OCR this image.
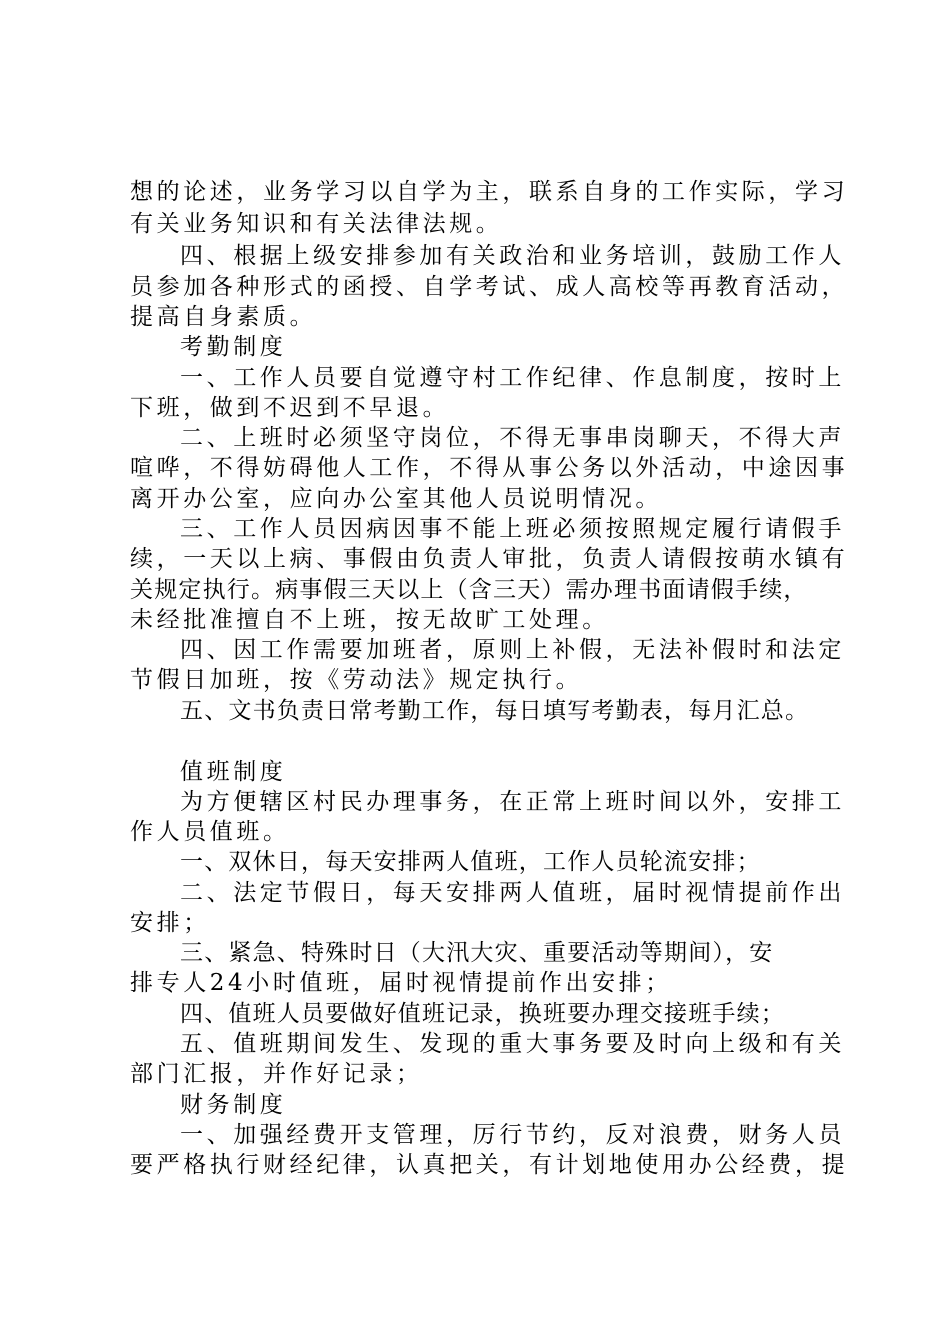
想的论述，业务学习以自学为主，联系自身的工作实际，学习
有关业务知识和有关法律法规。
四、根据上级安排参加有关政治和业务培训，鼓励工作人
员参加各种形式的函授、自学考试、成人高校等再教育活动，
提高自身素质。
考勤制度
一、工作人员要自觉遵守村工作纪律、作息制度，按时上
下班，做到不迟到不早退。
二、上班时必须坚守岗位，不得无事串岗聊天，不得大声
喧哗，不得妨碍他人工作，不得从事公务以外活动，中途因事
离开办公室，应向办公室其他人员说明情况。
三、工作人员因病因事不能上班必须按照规定履行请假手
续，一天以上病、事假由负责人审批，负责人请假按萌水镇有
关规定执行。病事假三天以上（含三天）需办理书面请假手续，
未经批准擅自不上班，按无故旷工处理。
四、因工作需要加班者，原则上补假，无法补假时和法定
节假日加班，按《劳动法》规定执行。
五、文书负责日常考勤工作，每日填写考勤表，每月汇总。
值班制度
为方便辖区村民办理事务，在正常上班时间以外，安排工
作人员值班。
一、双休日，每天安排两人值班，工作人员轮流安排；
二、法定节假日，每天安排两人值班，届时视情提前作出
安排；
三、紧急、特殊时日（大汛大灾、重要活动等期间），安
排专人24小时值班，届时视情提前作出安排；
四、值班人员要做好值班记录，换班要办理交接班手续；
五、值班期间发生、发现的重大事务要及时向上级和有关
部门汇报，并作好记录；
财务制度
一、加强经费开支管理，厉行节约，反对浪费，财务人员
要严格执行财经纪律，认真把关，有计划地使用办公经费，提
